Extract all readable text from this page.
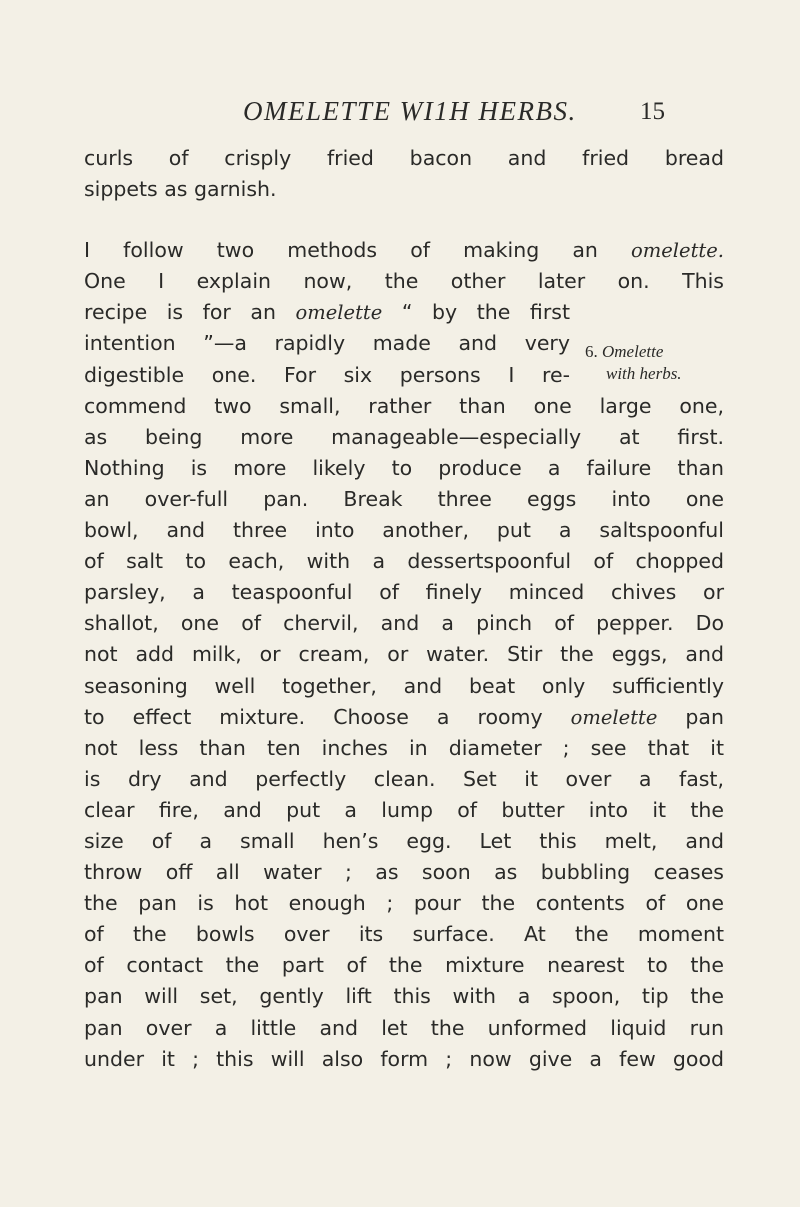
OMELETTE WI1H HERBS.	15
curls of crisply fried bacon and fried bread
sippets as garnish.
I follow two methods of making an omelette.
One I explain now, the other later on. This
recipe is for an omelette “ by the first
intention ”—a rapidly made and very
digestible one. For six persons I re-
commend two small, rather than one large one,
as being more manageable—especially at first.
Nothing is more likely to produce a failure than
an over-full pan. Break three eggs into one
bowl, and three into another, put a saltspoonful
of salt to each, with a dessertspoonful of chopped
parsley, a teaspoonful of finely minced chives or
shallot, one of chervil, and a pinch of pepper. Do
not add milk, or cream, or water. Stir the eggs, and
seasoning well together, and beat only sufficiently
to effect mixture. Choose a roomy omelette pan
not less than ten inches in diameter ; see that it
is dry and perfectly clean. Set it over a fast,
clear fire, and put a lump of butter into it the
size of a small hen’s egg. Let this melt, and
throw off all water ; as soon as bubbling ceases
the pan is hot enough ; pour the contents of one
of the bowls over its surface. At the moment
of contact the part of the mixture nearest to the
pan will set, gently lift this with a spoon, tip the
pan over a little and let the unformed liquid run
under it ; this will also form ; now give a few good
6. Omelette
with herbs.
